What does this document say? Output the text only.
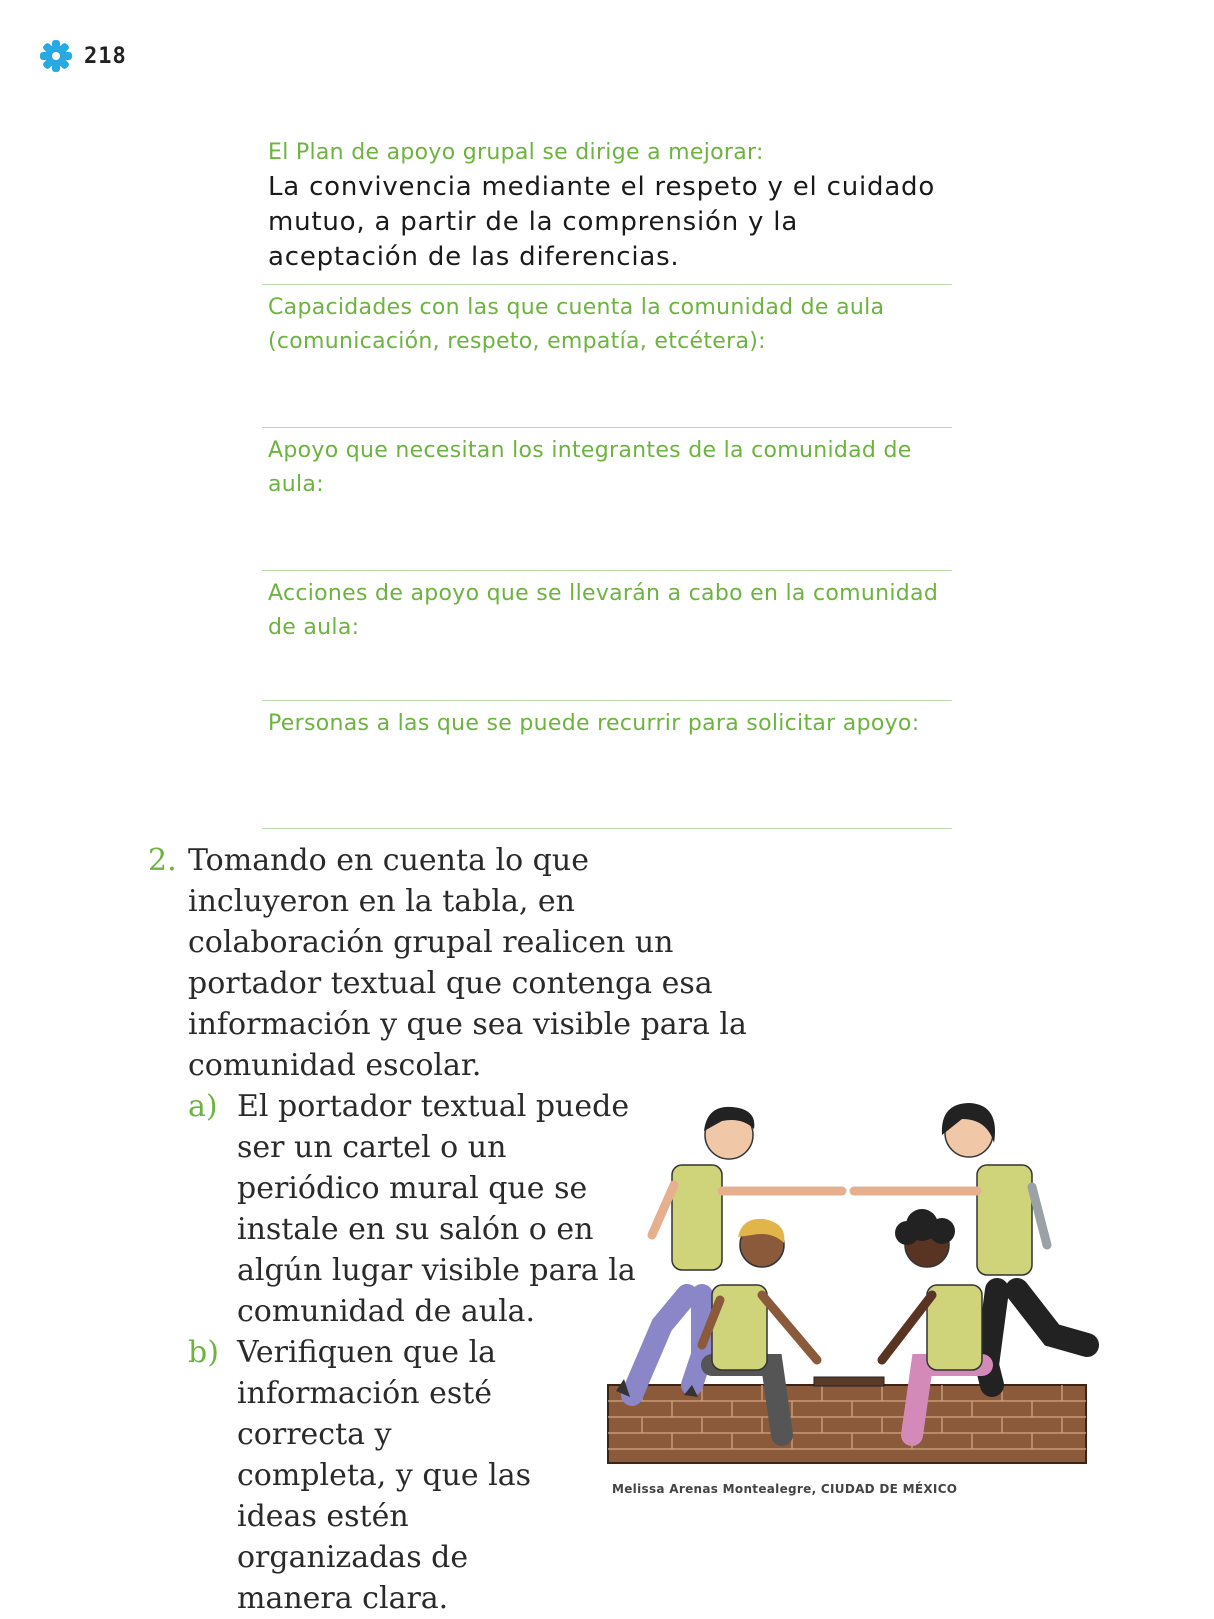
218
El Plan de apoyo grupal se dirige a mejorar:
La convivencia mediante el respeto y el cuidado mutuo, a partir de la comprensión y la aceptación de las diferencias.
Capacidades con las que cuenta la comunidad de aula (comunicación, respeto, empatía, etcétera):
Apoyo que necesitan los integrantes de la comunidad de aula:
Acciones de apoyo que se llevarán a cabo en la comunidad de aula:
Personas a las que se puede recurrir para solicitar apoyo:
2. Tomando en cuenta lo que incluyeron en la tabla, en colaboración grupal realicen un portador textual que contenga esa información y que sea visible para la comunidad escolar.
a) El portador textual puede ser un cartel o un periódico mural que se instale en su salón o en algún lugar visible para la comunidad de aula.
b) Verifiquen que la información esté correcta y completa, y que las ideas estén organizadas de manera clara.
Melissa Arenas Montealegre, CIUDAD DE MÉXICO
